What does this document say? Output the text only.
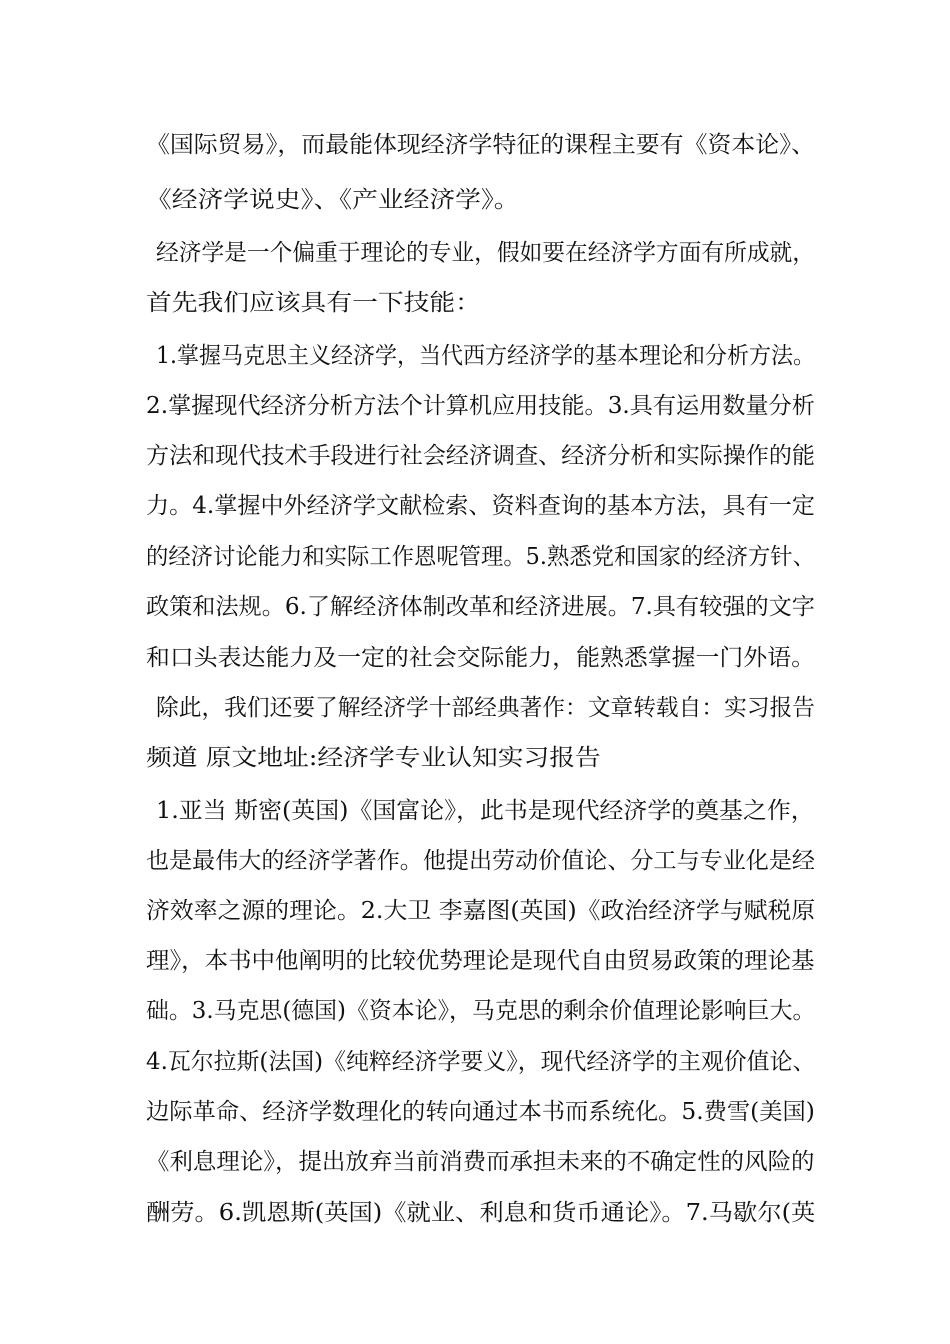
《国际贸易》，而最能体现经济学特征的课程主要有《资本论》、
《经济学说史》、《产业经济学》。
经济学是一个偏重于理论的专业，假如要在经济学方面有所成就，
首先我们应该具有一下技能：
1.掌握马克思主义经济学，当代西方经济学的基本理论和分析方法。
2.掌握现代经济分析方法个计算机应用技能。3.具有运用数量分析
方法和现代技术手段进行社会经济调查、经济分析和实际操作的能
力。4.掌握中外经济学文献检索、资料查询的基本方法，具有一定
的经济讨论能力和实际工作恩呢管理。5.熟悉党和国家的经济方针、
政策和法规。6.了解经济体制改革和经济进展。7.具有较强的文字
和口头表达能力及一定的社会交际能力，能熟悉掌握一门外语。
除此，我们还要了解经济学十部经典著作：文章转载自：实习报告
频道 原文地址:经济学专业认知实习报告
1.亚当 斯密(英国)《国富论》，此书是现代经济学的奠基之作，
也是最伟大的经济学著作。他提出劳动价值论、分工与专业化是经
济效率之源的理论。2.大卫 李嘉图(英国)《政治经济学与赋税原
理》，本书中他阐明的比较优势理论是现代自由贸易政策的理论基
础。3.马克思(德国)《资本论》，马克思的剩余价值理论影响巨大。
4.瓦尔拉斯(法国)《纯粹经济学要义》，现代经济学的主观价值论、
边际革命、经济学数理化的转向通过本书而系统化。5.费雪(美国)
《利息理论》，提出放弃当前消费而承担未来的不确定性的风险的
酬劳。6.凯恩斯(英国)《就业、利息和货币通论》。7.马歇尔(英
